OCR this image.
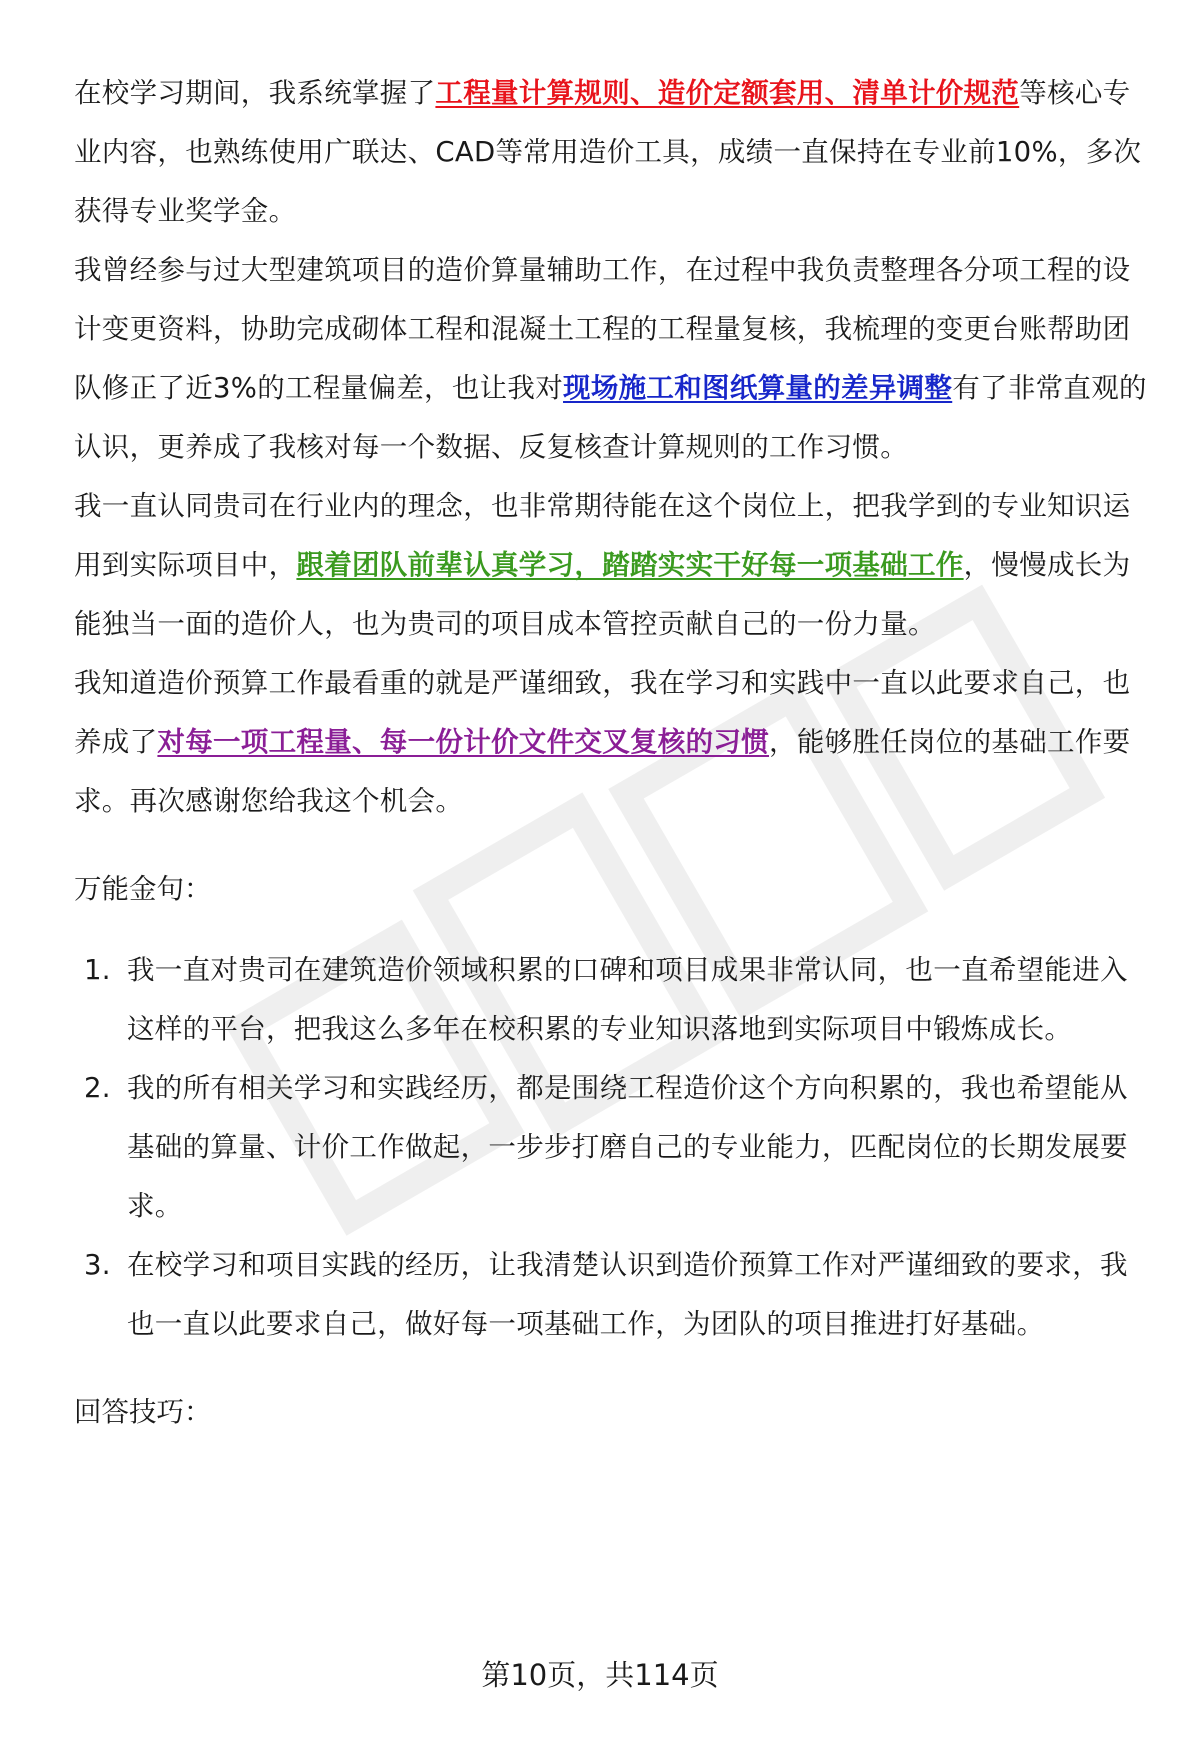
在校学习期间，我系统掌握了工程量计算规则、造价定额套用、清单计价规范等核心专业内容，也熟练使用广联达、CAD等常用造价工具，成绩一直保持在专业前10%，多次获得专业奖学金。

我曾经参与过大型建筑项目的造价算量辅助工作，在过程中我负责整理各分项工程的设计变更资料，协助完成砌体工程和混凝土工程的工程量复核，我梳理的变更台账帮助团队修正了近3%的工程量偏差，也让我对现场施工和图纸算量的差异调整有了非常直观的认识，更养成了我核对每一个数据、反复核查计算规则的工作习惯。

我一直认同贵司在行业内的理念，也非常期待能在这个岗位上，把我学到的专业知识运用到实际项目中，跟着团队前辈认真学习，踏踏实实干好每一项基础工作，慢慢成长为能独当一面的造价人，也为贵司的项目成本管控贡献自己的一份力量。

我知道造价预算工作最看重的就是严谨细致，我在学习和实践中一直以此要求自己，也养成了对每一项工程量、每一份计价文件交叉复核的习惯，能够胜任岗位的基础工作要求。再次感谢您给我这个机会。

万能金句：

1. 我一直对贵司在建筑造价领域积累的口碑和项目成果非常认同，也一直希望能进入这样的平台，把我这么多年在校积累的专业知识落地到实际项目中锻炼成长。
2. 我的所有相关学习和实践经历，都是围绕工程造价这个方向积累的，我也希望能从基础的算量、计价工作做起，一步步打磨自己的专业能力，匹配岗位的长期发展要求。
3. 在校学习和项目实践的经历，让我清楚认识到造价预算工作对严谨细致的要求，我也一直以此要求自己，做好每一项基础工作，为团队的项目推进打好基础。

回答技巧：

第10页，共114页
